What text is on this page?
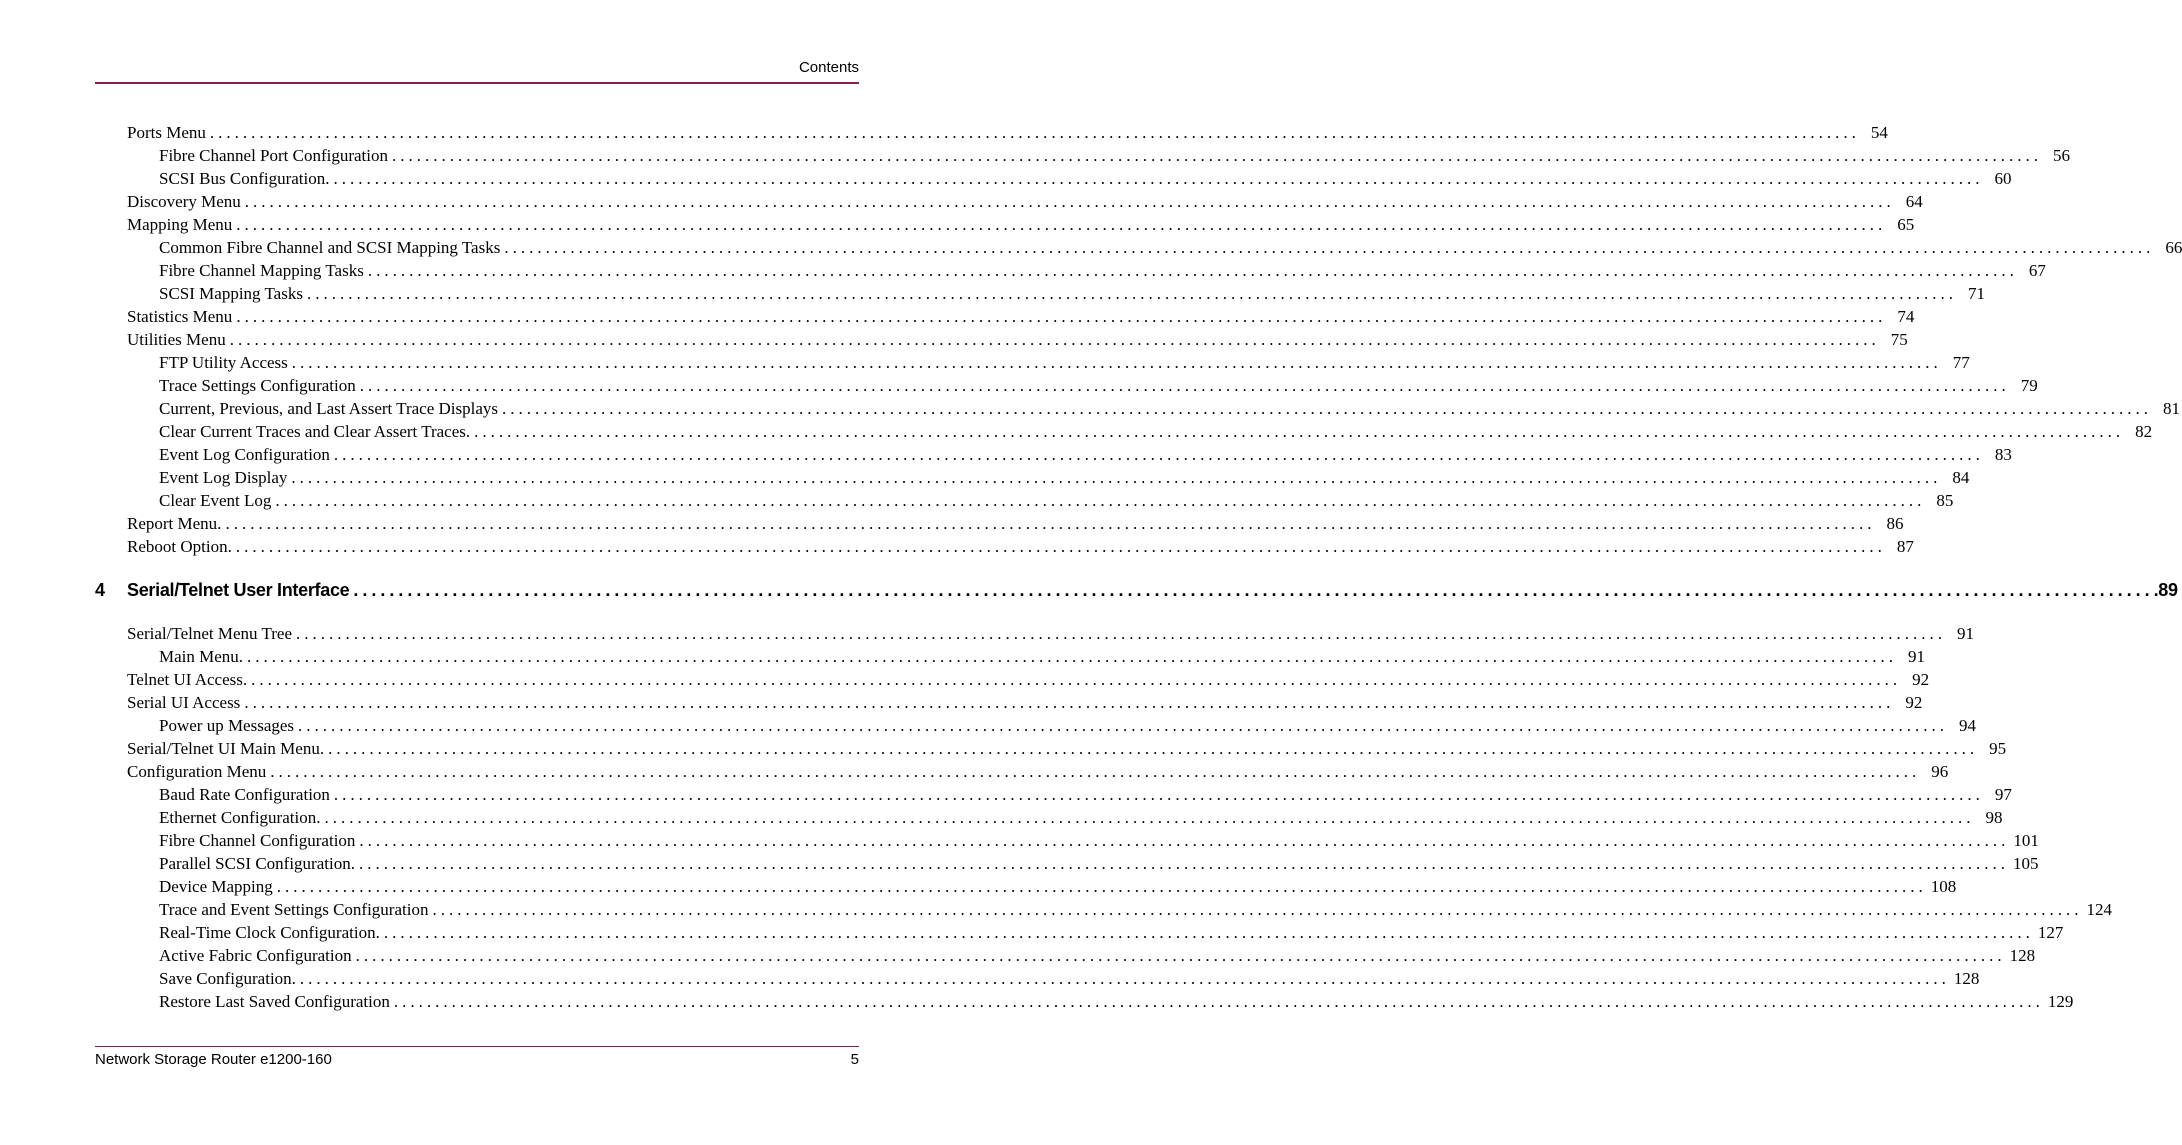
Contents
Ports Menu ........................................................................................................................................................................................................ 54
Fibre Channel Port Configuration ........................................................................................................................................................................................................ 56
SCSI Bus Configuration. ........................................................................................................................................................................................................ 60
Discovery Menu ........................................................................................................................................................................................................ 64
Mapping Menu ........................................................................................................................................................................................................ 65
Common Fibre Channel and SCSI Mapping Tasks ........................................................................................................................................................................................................ 66
Fibre Channel Mapping Tasks ........................................................................................................................................................................................................ 67
SCSI Mapping Tasks ........................................................................................................................................................................................................ 71
Statistics Menu ........................................................................................................................................................................................................ 74
Utilities Menu ........................................................................................................................................................................................................ 75
FTP Utility Access ........................................................................................................................................................................................................ 77
Trace Settings Configuration ........................................................................................................................................................................................................ 79
Current, Previous, and Last Assert Trace Displays ........................................................................................................................................................................................................ 81
Clear Current Traces and Clear Assert Traces. ........................................................................................................................................................................................................ 82
Event Log Configuration ........................................................................................................................................................................................................ 83
Event Log Display ........................................................................................................................................................................................................ 84
Clear Event Log ........................................................................................................................................................................................................ 85
Report Menu. ........................................................................................................................................................................................................ 86
Reboot Option. ........................................................................................................................................................................................................ 87
4	Serial/Telnet User Interface ........................................................................................................................................................................................................ .89
Serial/Telnet Menu Tree ........................................................................................................................................................................................................ 91
Main Menu. ........................................................................................................................................................................................................ 91
Telnet UI Access. ........................................................................................................................................................................................................ 92
Serial UI Access ........................................................................................................................................................................................................ 92
Power up Messages ........................................................................................................................................................................................................ 94
Serial/Telnet UI Main Menu. ........................................................................................................................................................................................................ 95
Configuration Menu ........................................................................................................................................................................................................ 96
Baud Rate Configuration ........................................................................................................................................................................................................ 97
Ethernet Configuration. ........................................................................................................................................................................................................ 98
Fibre Channel Configuration ........................................................................................................................................................................................................ 101
Parallel SCSI Configuration. ........................................................................................................................................................................................................ 105
Device Mapping ........................................................................................................................................................................................................ 108
Trace and Event Settings Configuration ........................................................................................................................................................................................................ 124
Real-Time Clock Configuration. ........................................................................................................................................................................................................ 127
Active Fabric Configuration ........................................................................................................................................................................................................ 128
Save Configuration. ........................................................................................................................................................................................................ 128
Restore Last Saved Configuration ........................................................................................................................................................................................................ 129
Network Storage Router e1200-160	5
